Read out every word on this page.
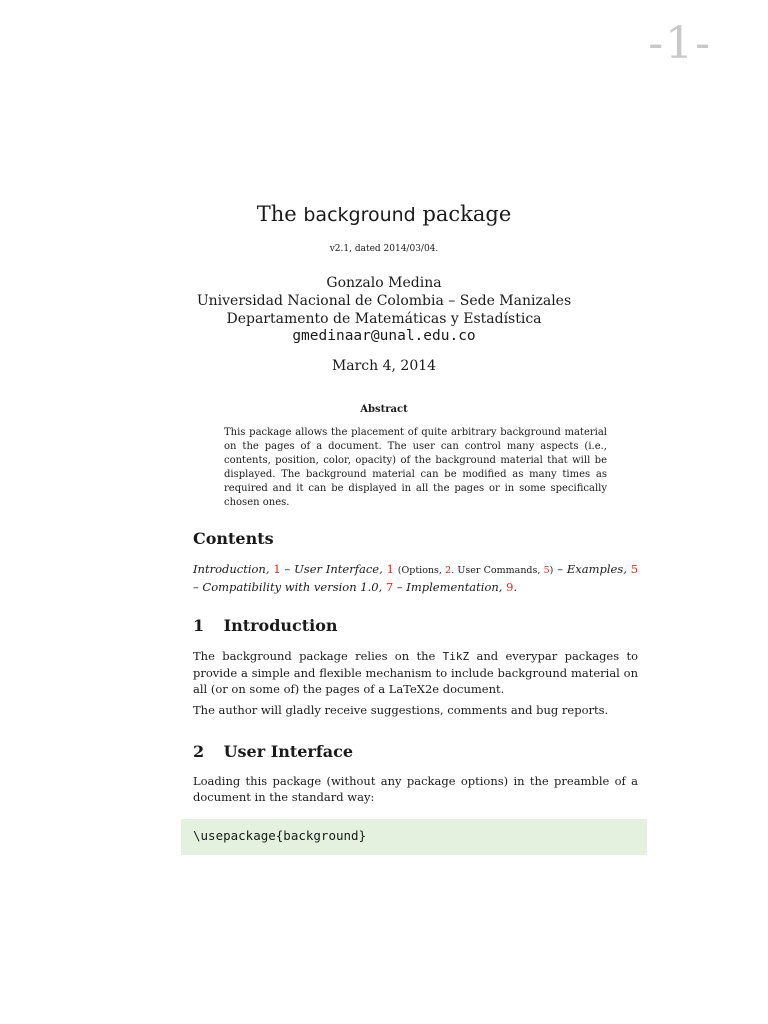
-1-
The background package
v2.1, dated 2014/03/04.
Gonzalo Medina
Universidad Nacional de Colombia – Sede Manizales
Departamento de Matemáticas y Estadística
gmedinaar@unal.edu.co
March 4, 2014
Abstract
This package allows the placement of quite arbitrary background material on the pages of a document. The user can control many aspects (i.e., contents, position, color, opacity) of the background material that will be displayed. The background material can be modified as many times as required and it can be displayed in all the pages or in some specifically chosen ones.
Contents
Introduction, 1 – User Interface, 1 (Options, 2. User Commands, 5) – Examples, 5 – Compatibility with version 1.0, 7 – Implementation, 9.
1 Introduction
The background package relies on the TikZ and everypar packages to provide a simple and flexible mechanism to include background material on all (or on some of) the pages of a LaTeX2e document.
The author will gladly receive suggestions, comments and bug reports.
2 User Interface
Loading this package (without any package options) in the preamble of a document in the standard way:
\usepackage{background}
